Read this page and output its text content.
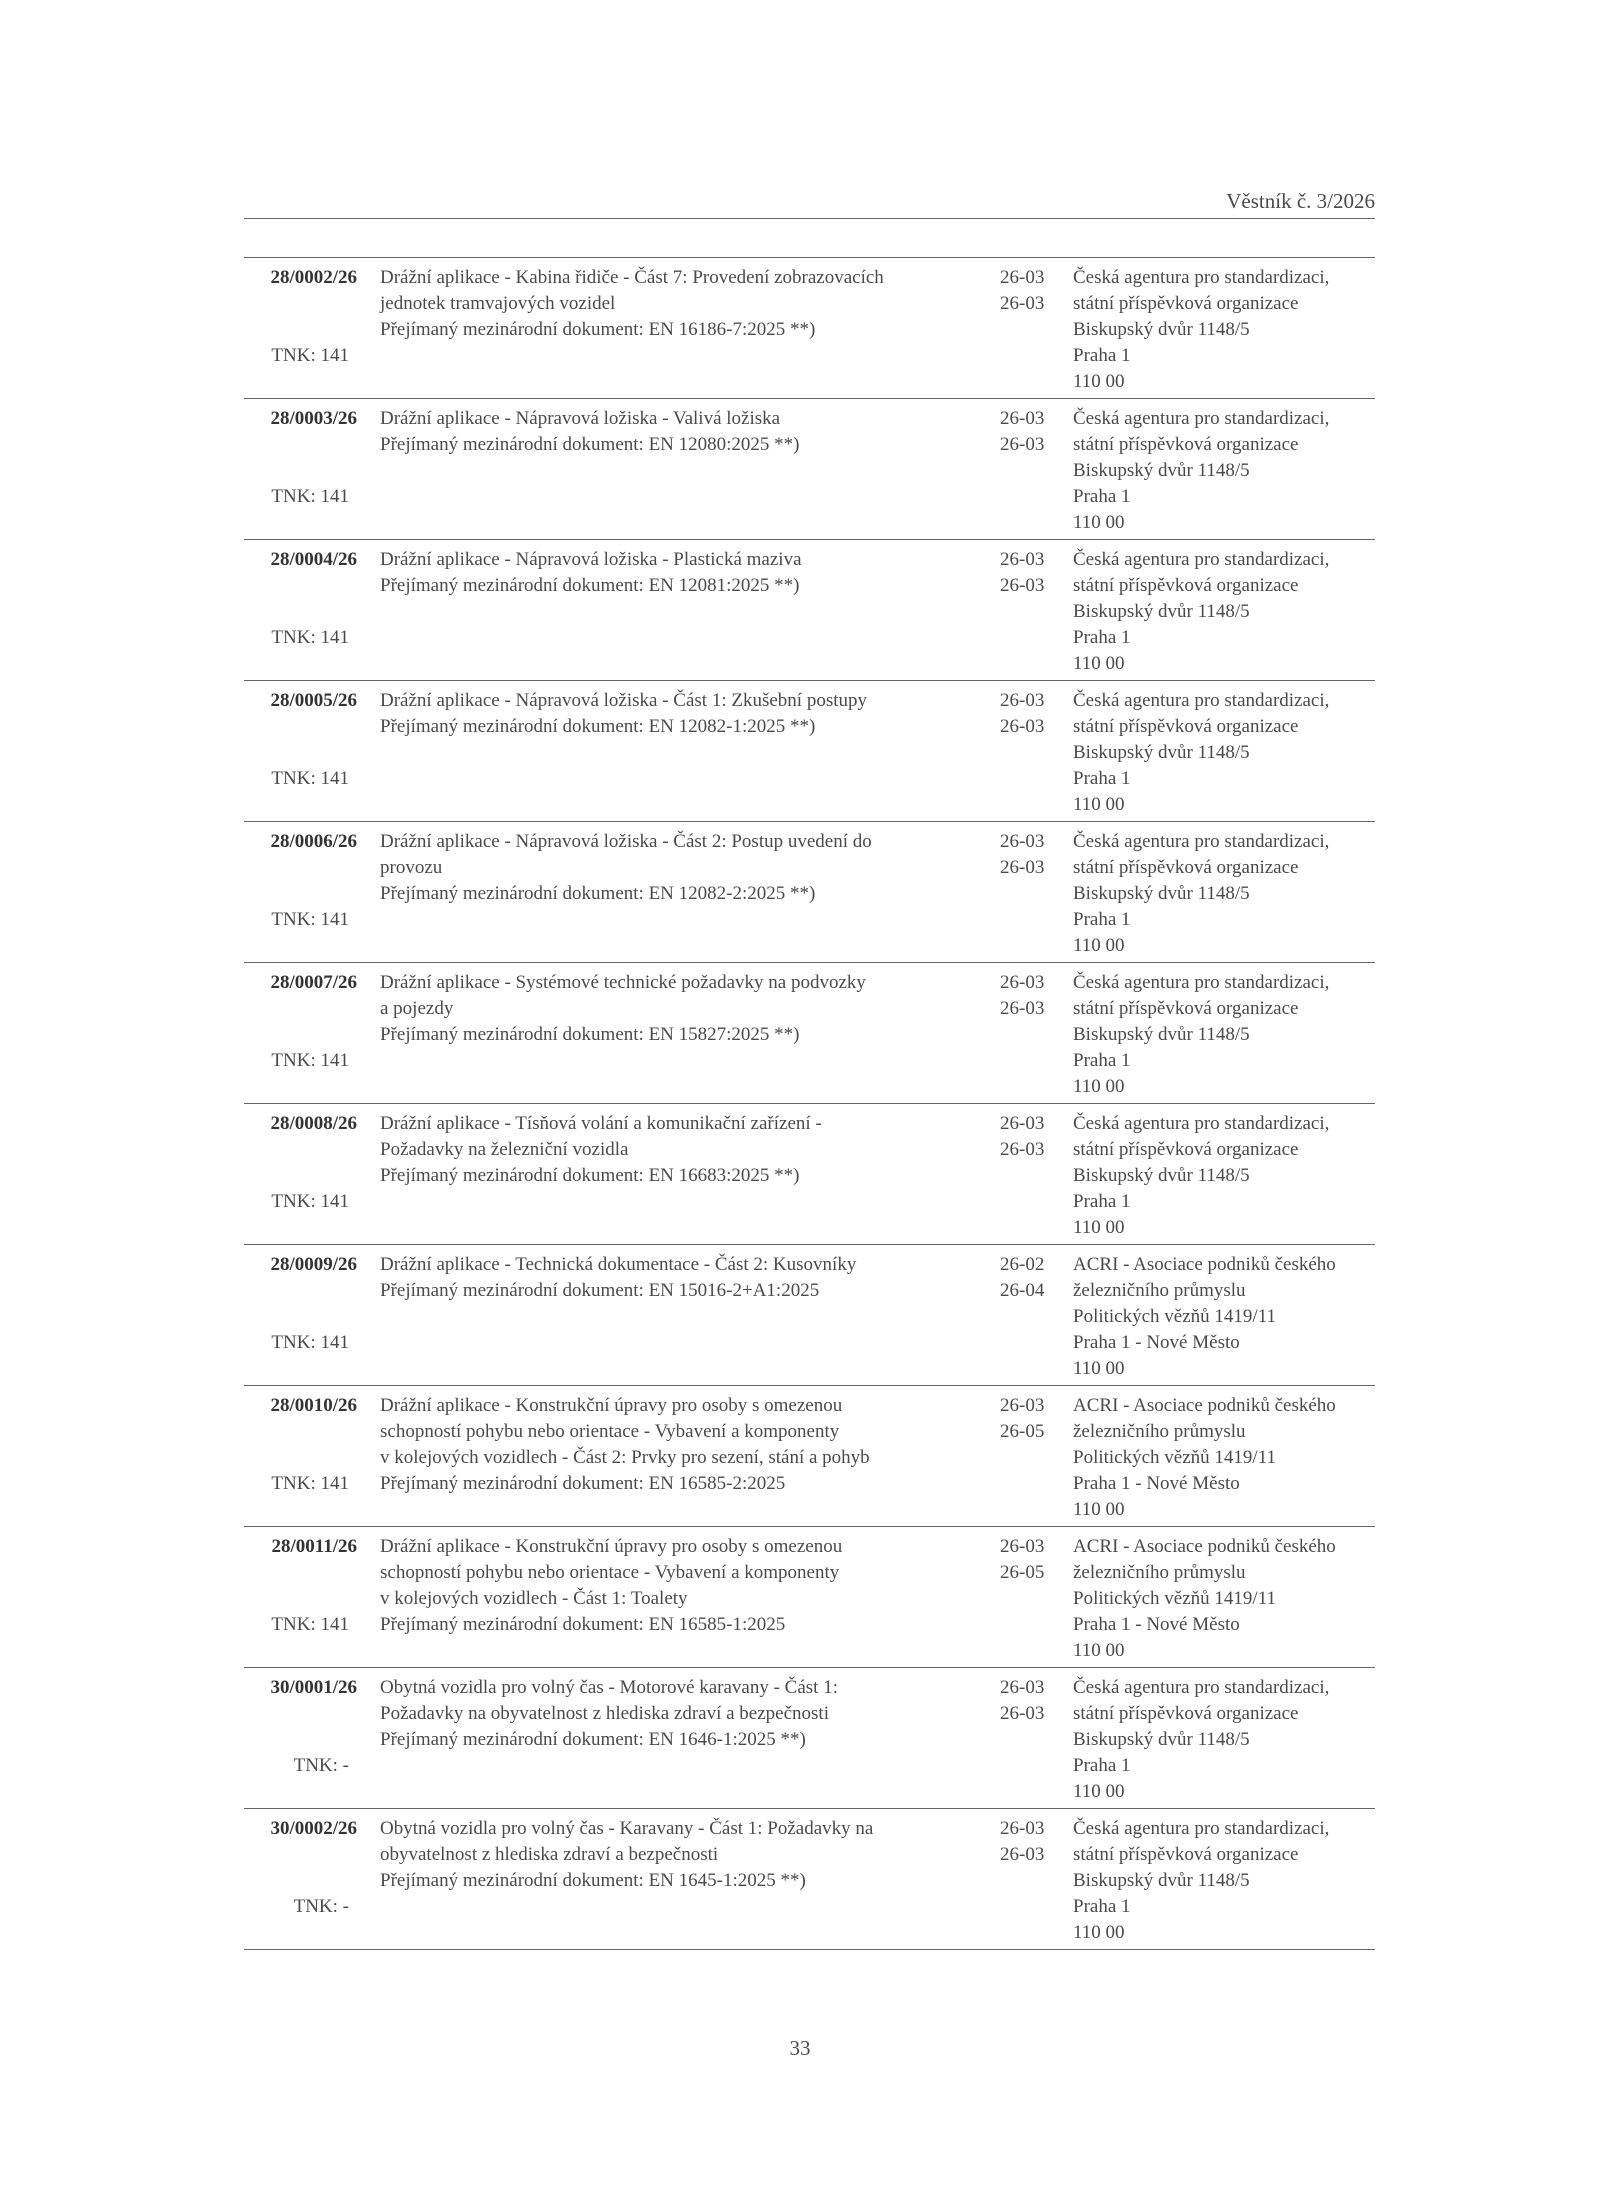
Věstník č. 3/2026
28/0002/26
TNK: 141
Drážní aplikace - Kabina řidiče - Část 7: Provedení zobrazovacích
jednotek tramvajových vozidel
Přejímaný mezinárodní dokument: EN 16186-7:2025 **)
26-03
26-03
Česká agentura pro standardizaci,
státní příspěvková organizace
Biskupský dvůr 1148/5
Praha 1
110 00
28/0003/26
TNK: 141
Drážní aplikace - Nápravová ložiska - Valivá ložiska
Přejímaný mezinárodní dokument: EN 12080:2025 **)
26-03
26-03
Česká agentura pro standardizaci,
státní příspěvková organizace
Biskupský dvůr 1148/5
Praha 1
110 00
28/0004/26
TNK: 141
Drážní aplikace - Nápravová ložiska - Plastická maziva
Přejímaný mezinárodní dokument: EN 12081:2025 **)
26-03
26-03
Česká agentura pro standardizaci,
státní příspěvková organizace
Biskupský dvůr 1148/5
Praha 1
110 00
28/0005/26
TNK: 141
Drážní aplikace - Nápravová ložiska - Část 1: Zkušební postupy
Přejímaný mezinárodní dokument: EN 12082-1:2025 **)
26-03
26-03
Česká agentura pro standardizaci,
státní příspěvková organizace
Biskupský dvůr 1148/5
Praha 1
110 00
28/0006/26
TNK: 141
Drážní aplikace - Nápravová ložiska - Část 2: Postup uvedení do
provozu
Přejímaný mezinárodní dokument: EN 12082-2:2025 **)
26-03
26-03
Česká agentura pro standardizaci,
státní příspěvková organizace
Biskupský dvůr 1148/5
Praha 1
110 00
28/0007/26
TNK: 141
Drážní aplikace - Systémové technické požadavky na podvozky
a pojezdy
Přejímaný mezinárodní dokument: EN 15827:2025 **)
26-03
26-03
Česká agentura pro standardizaci,
státní příspěvková organizace
Biskupský dvůr 1148/5
Praha 1
110 00
28/0008/26
TNK: 141
Drážní aplikace - Tísňová volání a komunikační zařízení -
Požadavky na železniční vozidla
Přejímaný mezinárodní dokument: EN 16683:2025 **)
26-03
26-03
Česká agentura pro standardizaci,
státní příspěvková organizace
Biskupský dvůr 1148/5
Praha 1
110 00
28/0009/26
TNK: 141
Drážní aplikace - Technická dokumentace - Část 2: Kusovníky
Přejímaný mezinárodní dokument: EN 15016-2+A1:2025
26-02
26-04
ACRI - Asociace podniků českého
železničního průmyslu
Politických vězňů 1419/11
Praha 1 - Nové Město
110 00
28/0010/26
TNK: 141
Drážní aplikace - Konstrukční úpravy pro osoby s omezenou
schopností pohybu nebo orientace - Vybavení a komponenty
v kolejových vozidlech - Část 2: Prvky pro sezení, stání a pohyb
Přejímaný mezinárodní dokument: EN 16585-2:2025
26-03
26-05
ACRI - Asociace podniků českého
železničního průmyslu
Politických vězňů 1419/11
Praha 1 - Nové Město
110 00
28/0011/26
TNK: 141
Drážní aplikace - Konstrukční úpravy pro osoby s omezenou
schopností pohybu nebo orientace - Vybavení a komponenty
v kolejových vozidlech - Část 1: Toalety
Přejímaný mezinárodní dokument: EN 16585-1:2025
26-03
26-05
ACRI - Asociace podniků českého
železničního průmyslu
Politických vězňů 1419/11
Praha 1 - Nové Město
110 00
30/0001/26
TNK: -
Obytná vozidla pro volný čas - Motorové karavany - Část 1:
Požadavky na obyvatelnost z hlediska zdraví a bezpečnosti
Přejímaný mezinárodní dokument: EN 1646-1:2025 **)
26-03
26-03
Česká agentura pro standardizaci,
státní příspěvková organizace
Biskupský dvůr 1148/5
Praha 1
110 00
30/0002/26
TNK: -
Obytná vozidla pro volný čas - Karavany - Část 1: Požadavky na
obyvatelnost z hlediska zdraví a bezpečnosti
Přejímaný mezinárodní dokument: EN 1645-1:2025 **)
26-03
26-03
Česká agentura pro standardizaci,
státní příspěvková organizace
Biskupský dvůr 1148/5
Praha 1
110 00
33
